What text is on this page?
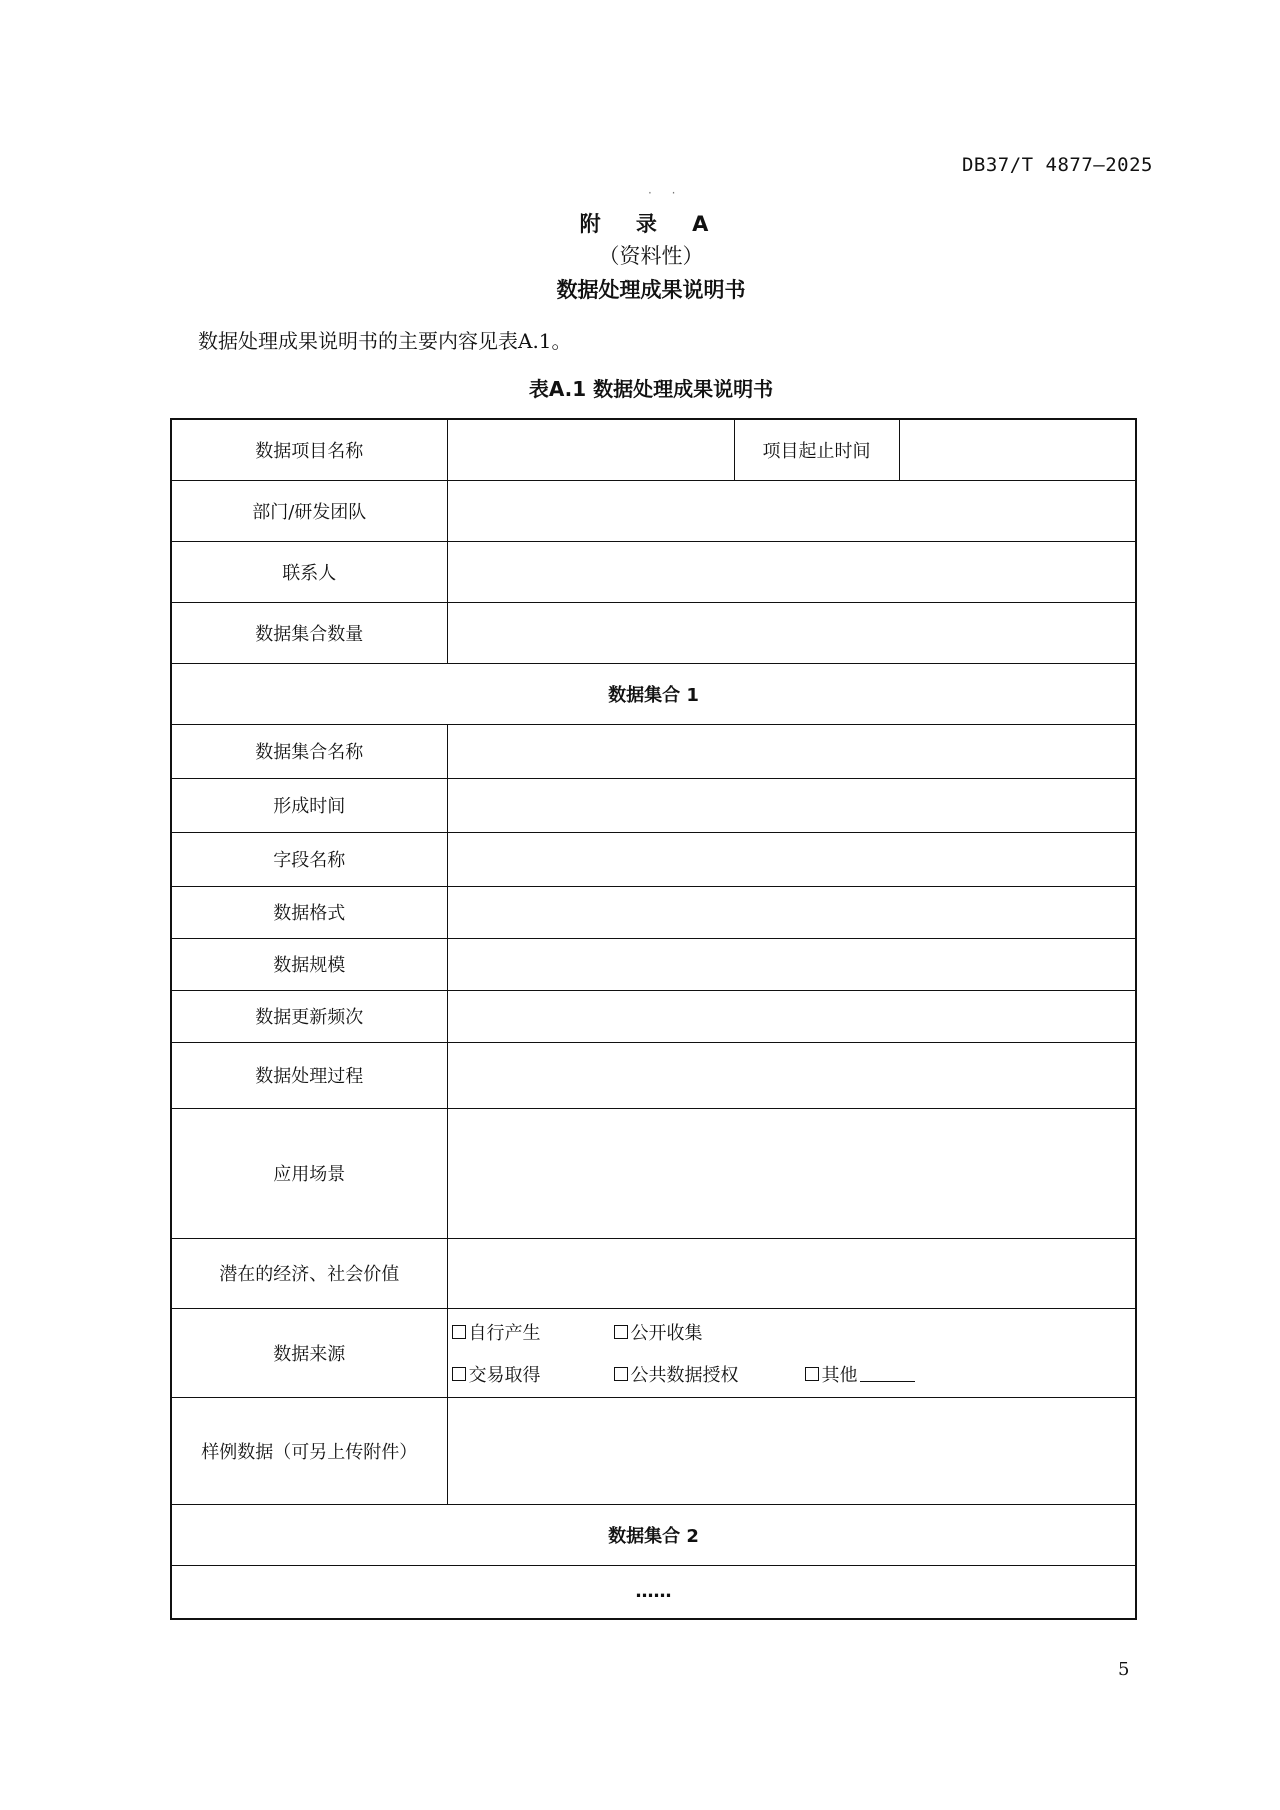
DB37/T 4877—2025
· ·
附 录 A
（资料性）
数据处理成果说明书
数据处理成果说明书的主要内容见表A.1。
表A.1 数据处理成果说明书
数据项目名称		项目起止时间	
部门/研发团队			
联系人			
数据集合数量			
数据集合 1			
数据集合名称			
形成时间			
字段名称			
数据格式			
数据规模			
数据更新频次			
数据处理过程			
应用场景			
潜在的经济、社会价值			
数据来源	自行产生 公开收集
交易取得 公共数据授权 其他		

样例数据（可另上传附件）			
数据集合 2			
……			
5
